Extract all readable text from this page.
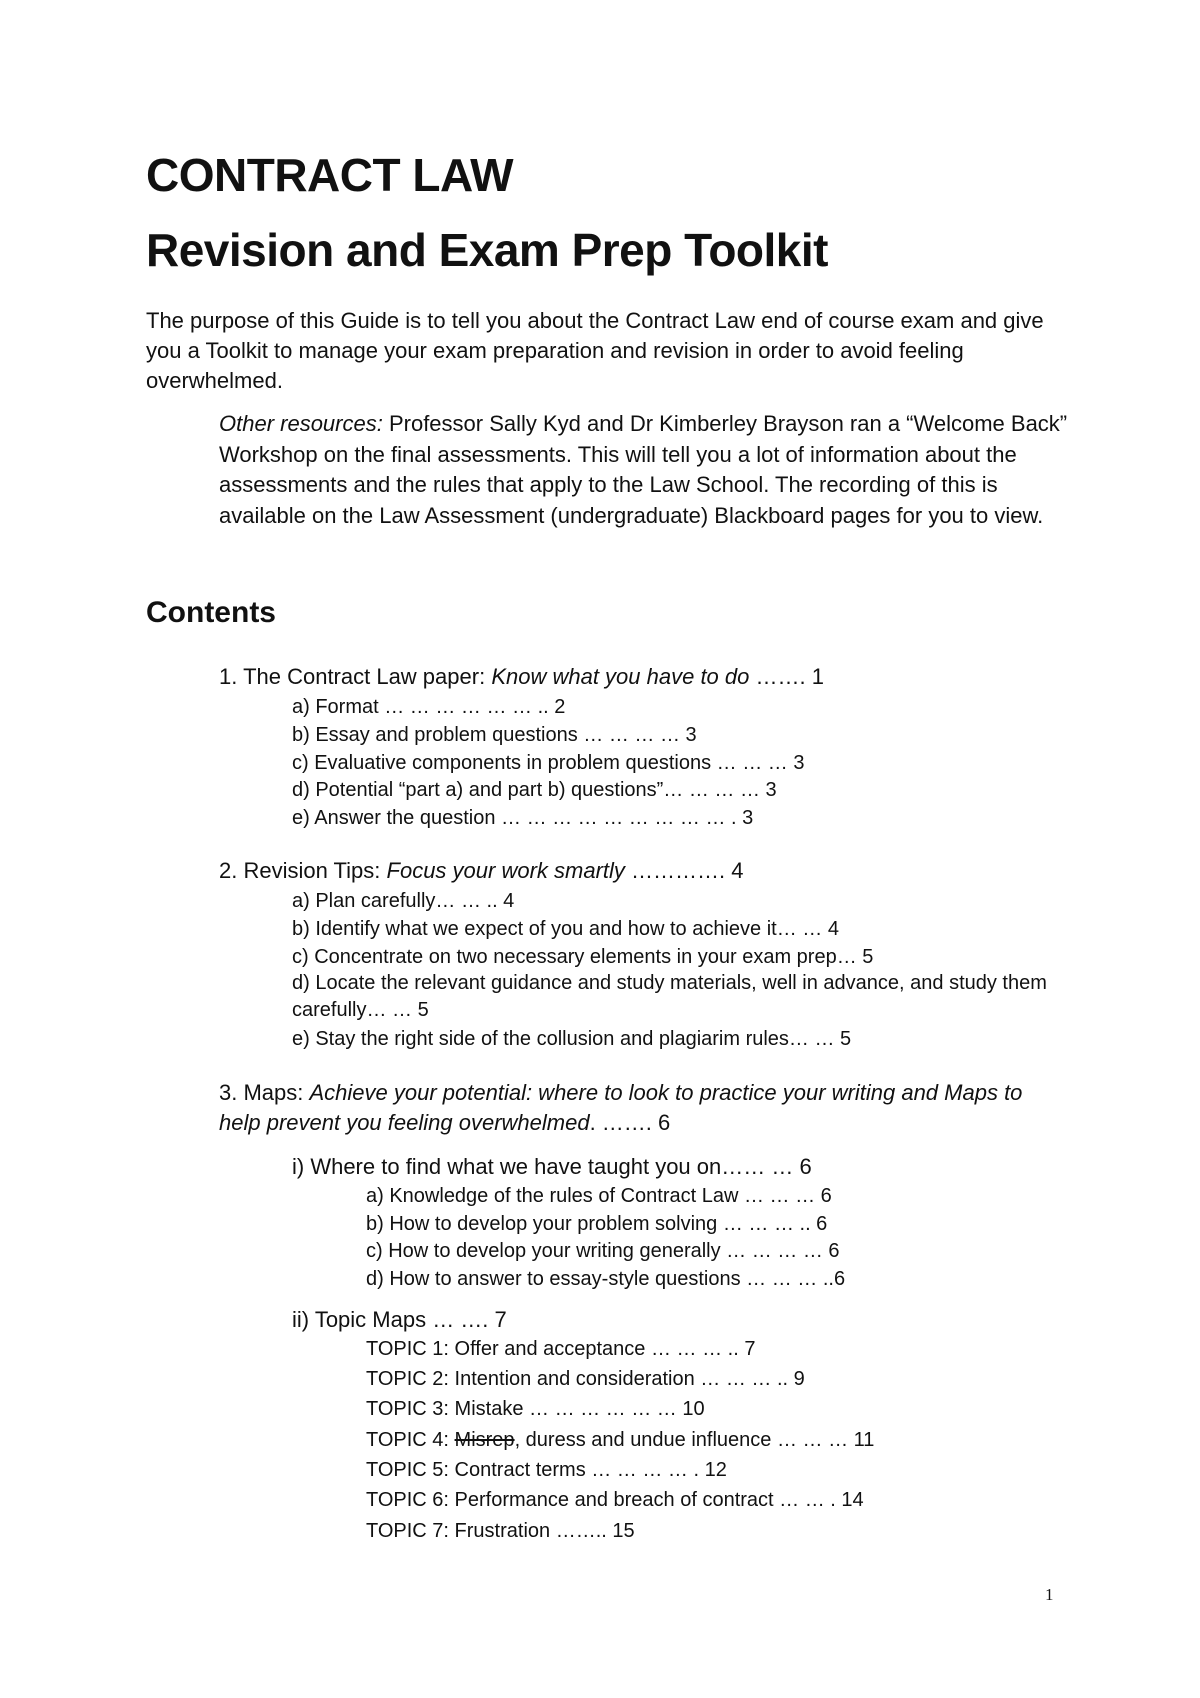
CONTRACT LAW
Revision and Exam Prep Toolkit
The purpose of this Guide is to tell you about the Contract Law end of course exam and give you a Toolkit to manage your exam preparation and revision in order to avoid feeling overwhelmed.
Other resources: Professor Sally Kyd and Dr Kimberley Brayson ran a “Welcome Back” Workshop on the final assessments. This will tell you a lot of information about the assessments and the rules that apply to the Law School. The recording of this is available on the Law Assessment (undergraduate) Blackboard pages for you to view.
Contents
1. The Contract Law paper: Know what you have to do ……. 1
a) Format … … … … … … .. 2
b) Essay and problem questions … … … … 3
c) Evaluative components in problem questions … … … 3
d) Potential “part a) and part b) questions”… … … … 3
e) Answer the question … … … … … … … … … . 3
2. Revision Tips: Focus your work smartly …………. 4
a) Plan carefully… … .. 4
b) Identify what we expect of you and how to achieve it… … 4
c) Concentrate on two necessary elements in your exam prep… 5
d) Locate the relevant guidance and study materials, well in advance, and study them carefully… … 5
e) Stay the right side of the collusion and plagiarim rules… … 5
3. Maps: Achieve your potential: where to look to practice your writing and Maps to help prevent you feeling overwhelmed. ……. 6
i) Where to find what we have taught you on…… … 6
a) Knowledge of the rules of Contract Law … … … 6
b) How to develop your problem solving … … … .. 6
c) How to develop your writing generally … … … … 6
d) How to answer to essay-style questions … … … ..6
ii) Topic Maps … …. 7
TOPIC 1: Offer and acceptance … … … .. 7
TOPIC 2: Intention and consideration … … … .. 9
TOPIC 3: Mistake … … … … … … 10
TOPIC 4: Misrep, duress and undue influence … … … 11
TOPIC 5: Contract terms … … … … . 12
TOPIC 6: Performance and breach of contract … … . 14
TOPIC 7: Frustration …….. 15
1
